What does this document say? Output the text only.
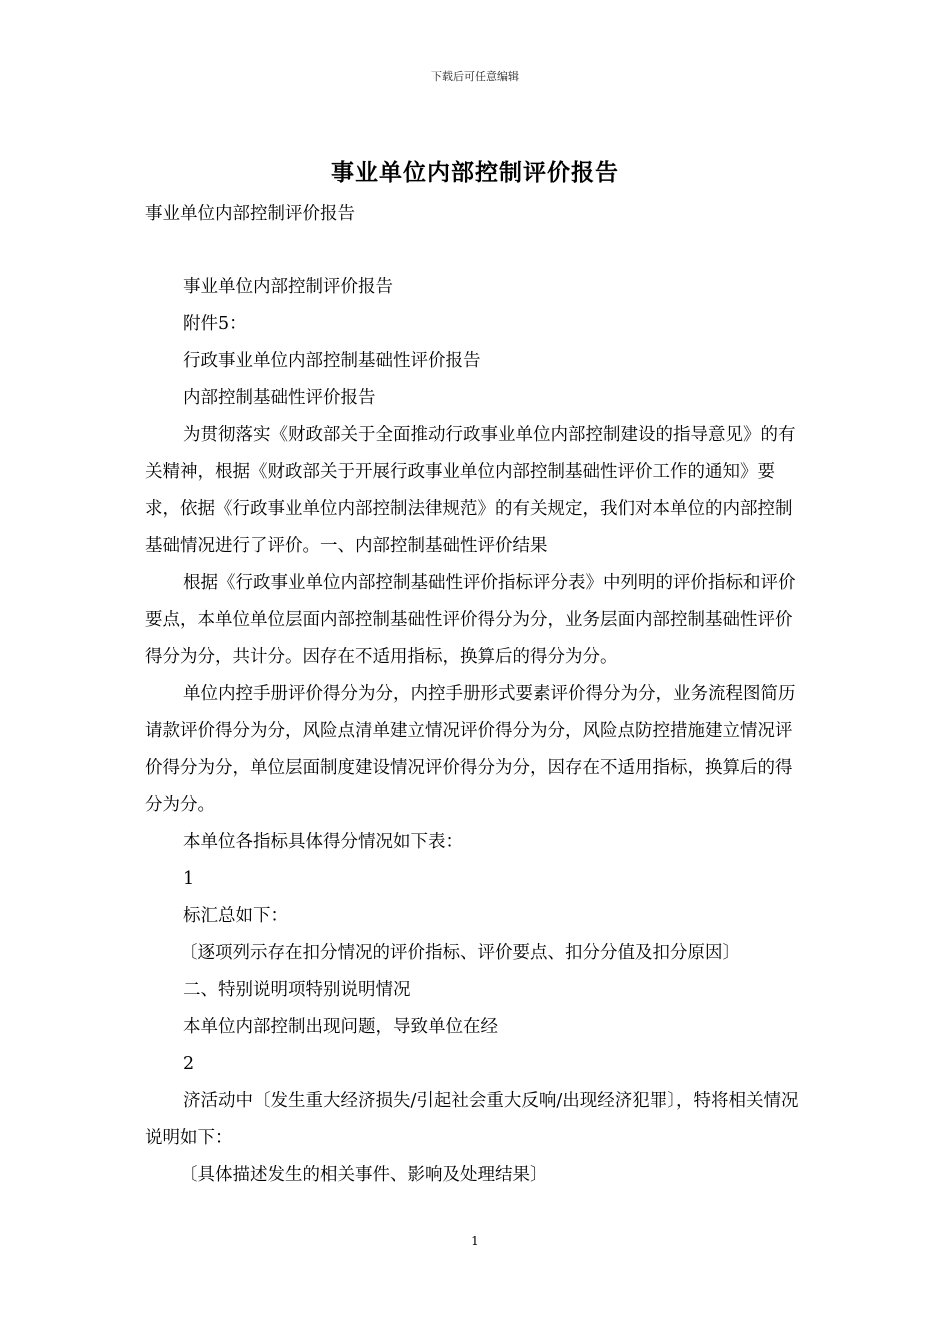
下载后可任意编辑
事业单位内部控制评价报告

事业单位内部控制评价报告

事业单位内部控制评价报告

附件5：

行政事业单位内部控制基础性评价报告

内部控制基础性评价报告

为贯彻落实《财政部关于全面推动行政事业单位内部控制建设的指导意见》的有关精神，根据《财政部关于开展行政事业单位内部控制基础性评价工作的通知》要求，依据《行政事业单位内部控制法律规范》的有关规定，我们对本单位的内部控制基础情况进行了评价。一、内部控制基础性评价结果

根据《行政事业单位内部控制基础性评价指标评分表》中列明的评价指标和评价要点，本单位单位层面内部控制基础性评价得分为分，业务层面内部控制基础性评价得分为分，共计分。因存在不适用指标，换算后的得分为分。

单位内控手册评价得分为分，内控手册形式要素评价得分为分，业务流程图简历请款评价得分为分，风险点清单建立情况评价得分为分，风险点防控措施建立情况评价得分为分，单位层面制度建设情况评价得分为分，因存在不适用指标，换算后的得分为分。

本单位各指标具体得分情况如下表：

1

标汇总如下：

〔逐项列示存在扣分情况的评价指标、评价要点、扣分分值及扣分原因〕

二、特别说明项特别说明情况

本单位内部控制出现问题，导致单位在经

2

济活动中〔发生重大经济损失/引起社会重大反响/出现经济犯罪〕，特将相关情况说明如下：

〔具体描述发生的相关事件、影响及处理结果〕

1
